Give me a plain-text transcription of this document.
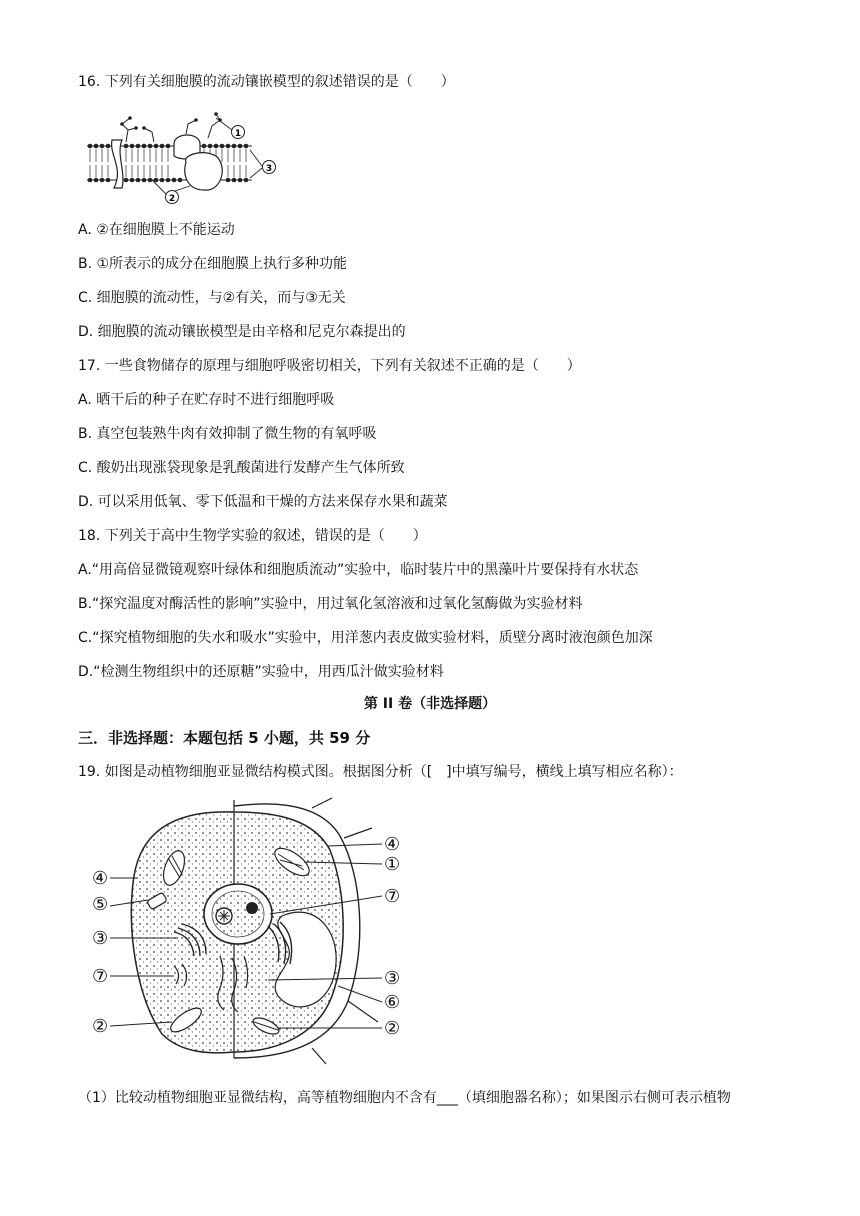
16. 下列有关细胞膜的流动镶嵌模型的叙述错误的是（　　）
1
2
3
A. ②在细胞膜上不能运动
B. ①所表示的成分在细胞膜上执行多种功能
C. 细胞膜的流动性，与②有关，而与③无关
D. 细胞膜的流动镶嵌模型是由辛格和尼克尔森提出的
17. 一些食物储存的原理与细胞呼吸密切相关，下列有关叙述不正确的是（　　）
A. 晒干后的种子在贮存时不进行细胞呼吸
B. 真空包装熟牛肉有效抑制了微生物的有氧呼吸
C. 酸奶出现涨袋现象是乳酸菌进行发酵产生气体所致
D. 可以采用低氧、零下低温和干燥的方法来保存水果和蔬菜
18. 下列关于高中生物学实验的叙述，错误的是（　　）
A.“用高倍显微镜观察叶绿体和细胞质流动”实验中，临时装片中的黑藻叶片要保持有水状态
B.“探究温度对酶活性的影响”实验中，用过氧化氢溶液和过氧化氢酶做为实验材料
C.“探究植物细胞的失水和吸水”实验中，用洋葱内表皮做实验材料，质壁分离时液泡颜色加深
D.“检测生物组织中的还原糖”实验中，用西瓜汁做实验材料
第 II 卷（非选择题）
三．非选择题：本题包括 5 小题，共 59 分
19. 如图是动植物细胞亚显微结构模式图。根据图分析（[　]中填写编号，横线上填写相应名称）：
④
⑤
③
⑦
②
④
①
⑦
③
⑥
②
（1）比较动植物细胞亚显微结构，高等植物细胞内不含有___（填细胞器名称）；如果图示右侧可表示植物
